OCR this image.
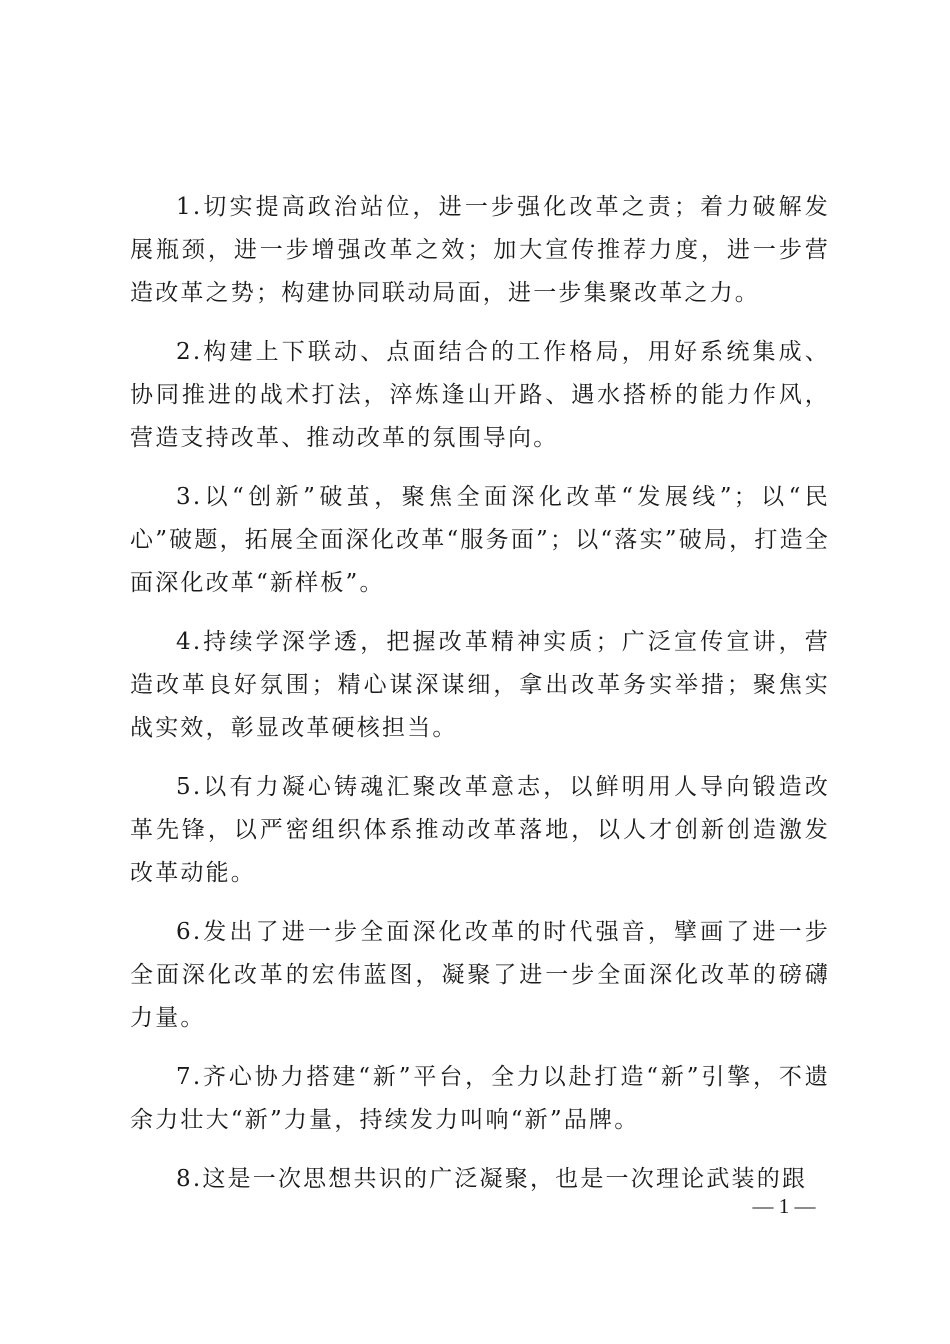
1.切实提高政治站位，进一步强化改革之责；着力破解发展瓶颈，进一步增强改革之效；加大宣传推荐力度，进一步营造改革之势；构建协同联动局面，进一步集聚改革之力。

2.构建上下联动、点面结合的工作格局，用好系统集成、协同推进的战术打法，淬炼逢山开路、遇水搭桥的能力作风，营造支持改革、推动改革的氛围导向。

3.以“创新”破茧，聚焦全面深化改革“发展线”；以“民心”破题，拓展全面深化改革“服务面”；以“落实”破局，打造全面深化改革“新样板”。

4.持续学深学透，把握改革精神实质；广泛宣传宣讲，营造改革良好氛围；精心谋深谋细，拿出改革务实举措；聚焦实战实效，彰显改革硬核担当。

5.以有力凝心铸魂汇聚改革意志，以鲜明用人导向锻造改革先锋，以严密组织体系推动改革落地，以人才创新创造激发改革动能。

6.发出了进一步全面深化改革的时代强音，擘画了进一步全面深化改革的宏伟蓝图，凝聚了进一步全面深化改革的磅礴力量。

7.齐心协力搭建“新”平台，全力以赴打造“新”引擎，不遗余力壮大“新”力量，持续发力叫响“新”品牌。

8.这是一次思想共识的广泛凝聚，也是一次理论武装的跟

— 1 —
